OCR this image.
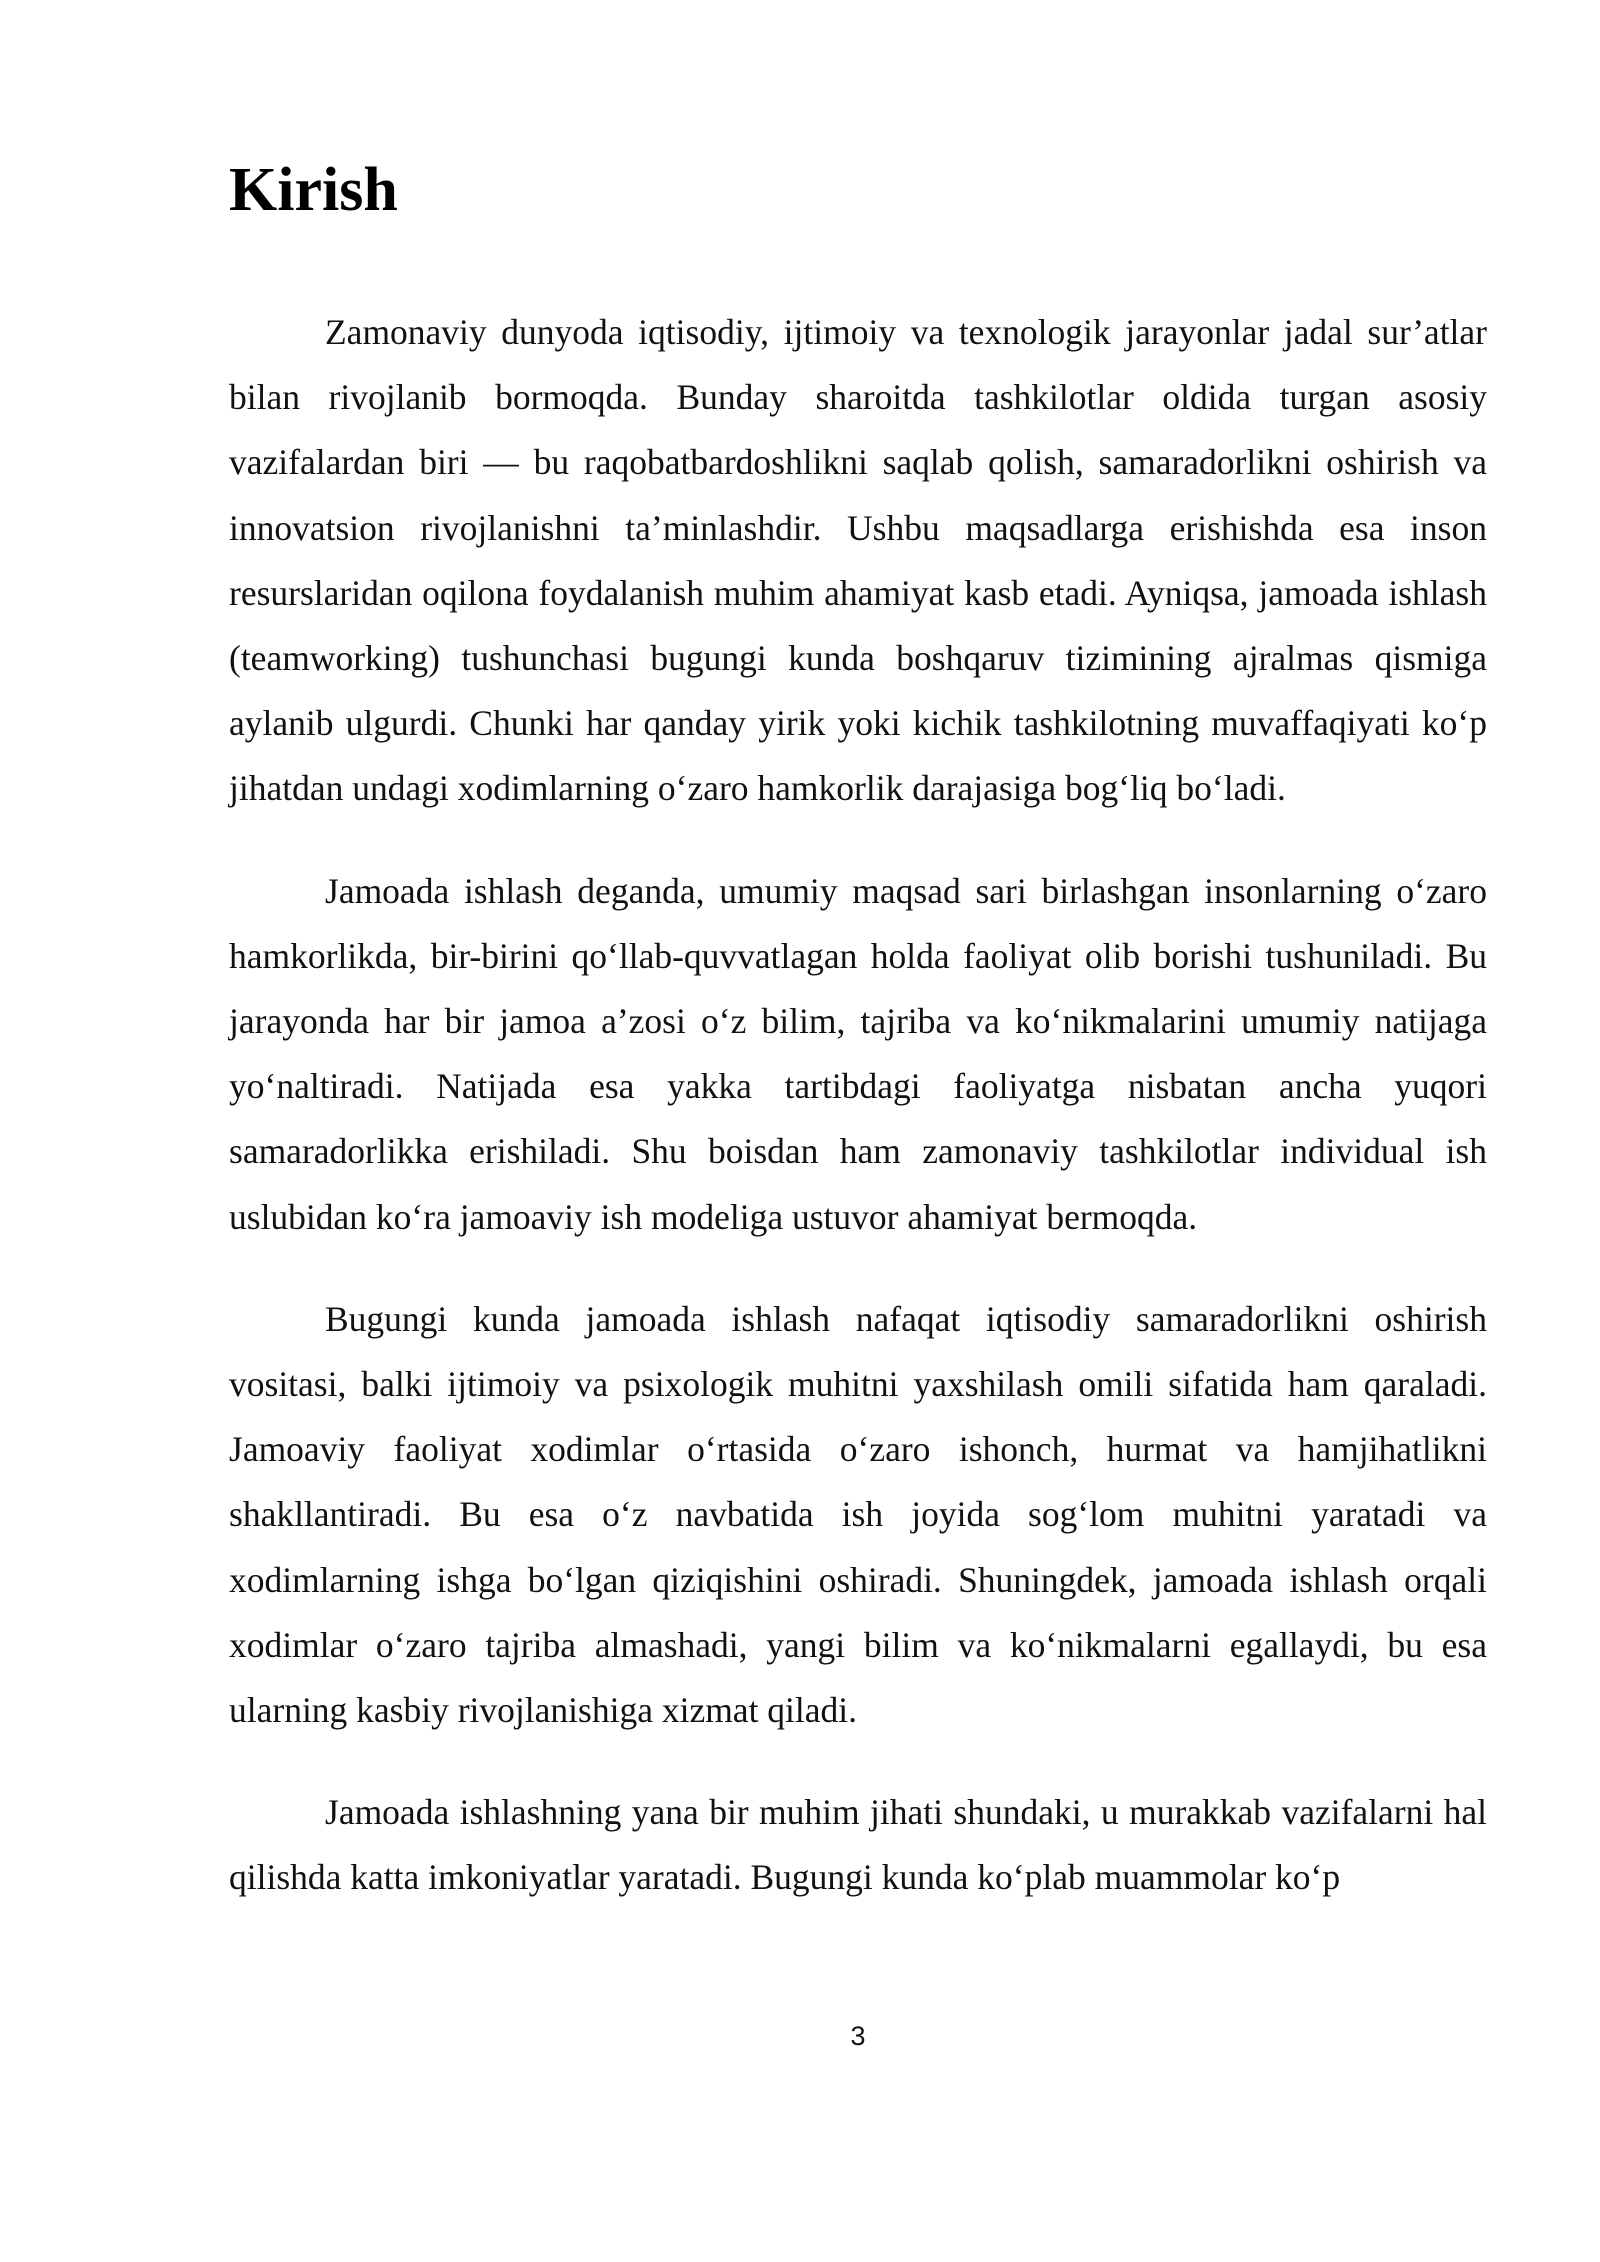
Kirish

Zamonaviy dunyoda iqtisodiy, ijtimoiy va texnologik jarayonlar jadal sur’atlar bilan rivojlanib bormoqda. Bunday sharoitda tashkilotlar oldida turgan asosiy vazifalardan biri — bu raqobatbardoshlikni saqlab qolish, samaradorlikni oshirish va innovatsion rivojlanishni ta’minlashdir. Ushbu maqsadlarga erishishda esa inson resurslaridan oqilona foydalanish muhim ahamiyat kasb etadi. Ayniqsa, jamoada ishlash (teamworking) tushunchasi bugungi kunda boshqaruv tizimining ajralmas qismiga aylanib ulgurdi. Chunki har qanday yirik yoki kichik tashkilotning muvaffaqiyati ko‘p jihatdan undagi xodimlarning o‘zaro hamkorlik darajasiga bog‘liq bo‘ladi.

Jamoada ishlash deganda, umumiy maqsad sari birlashgan insonlarning o‘zaro hamkorlikda, bir-birini qo‘llab-quvvatlagan holda faoliyat olib borishi tushuniladi. Bu jarayonda har bir jamoa a’zosi o‘z bilim, tajriba va ko‘nikmalarini umumiy natijaga yo‘naltiradi. Natijada esa yakka tartibdagi faoliyatga nisbatan ancha yuqori samaradorlikka erishiladi. Shu boisdan ham zamonaviy tashkilotlar individual ish uslubidan ko‘ra jamoaviy ish modeliga ustuvor ahamiyat bermoqda.

Bugungi kunda jamoada ishlash nafaqat iqtisodiy samaradorlikni oshirish vositasi, balki ijtimoiy va psixologik muhitni yaxshilash omili sifatida ham qaraladi. Jamoaviy faoliyat xodimlar o‘rtasida o‘zaro ishonch, hurmat va hamjihatlikni shakllantiradi. Bu esa o‘z navbatida ish joyida sog‘lom muhitni yaratadi va xodimlarning ishga bo‘lgan qiziqishini oshiradi. Shuningdek, jamoada ishlash orqali xodimlar o‘zaro tajriba almashadi, yangi bilim va ko‘nikmalarni egallaydi, bu esa ularning kasbiy rivojlanishiga xizmat qiladi.

Jamoada ishlashning yana bir muhim jihati shundaki, u murakkab vazifalarni hal qilishda katta imkoniyatlar yaratadi. Bugungi kunda ko‘plab muammolar ko‘p

3
